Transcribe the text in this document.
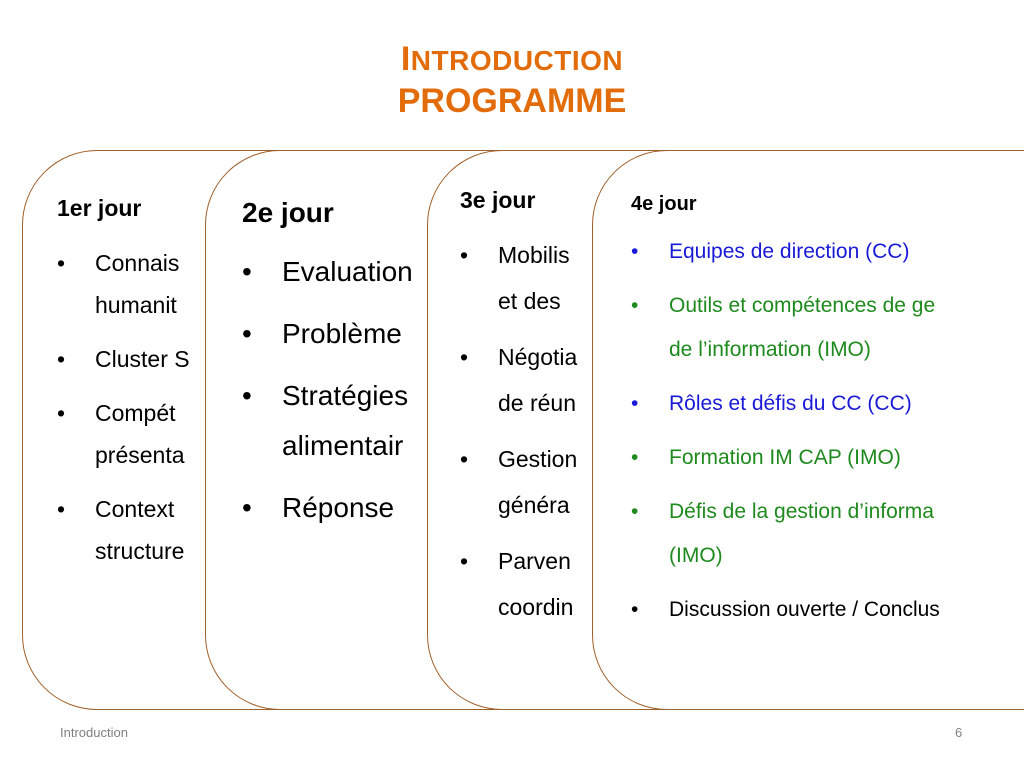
INTRODUCTION
PROGRAMME
1er jour
• Connais
humanit
• Cluster S
• Compét
présenta
• Context
structure
2e jour
• Evaluation
• Problème
• Stratégies
alimentair
• Réponse
3e jour
• Mobilis
et des
• Négotia
de réun
• Gestion
généra
• Parven
coordin
4e jour
• Equipes de direction (CC)
• Outils et compétences de ge
de l’information (IMO)
• Rôles et défis du CC (CC)
• Formation IM CAP (IMO)
• Défis de la gestion d’informa
(IMO)
• Discussion ouverte / Conclus
Introduction	6
